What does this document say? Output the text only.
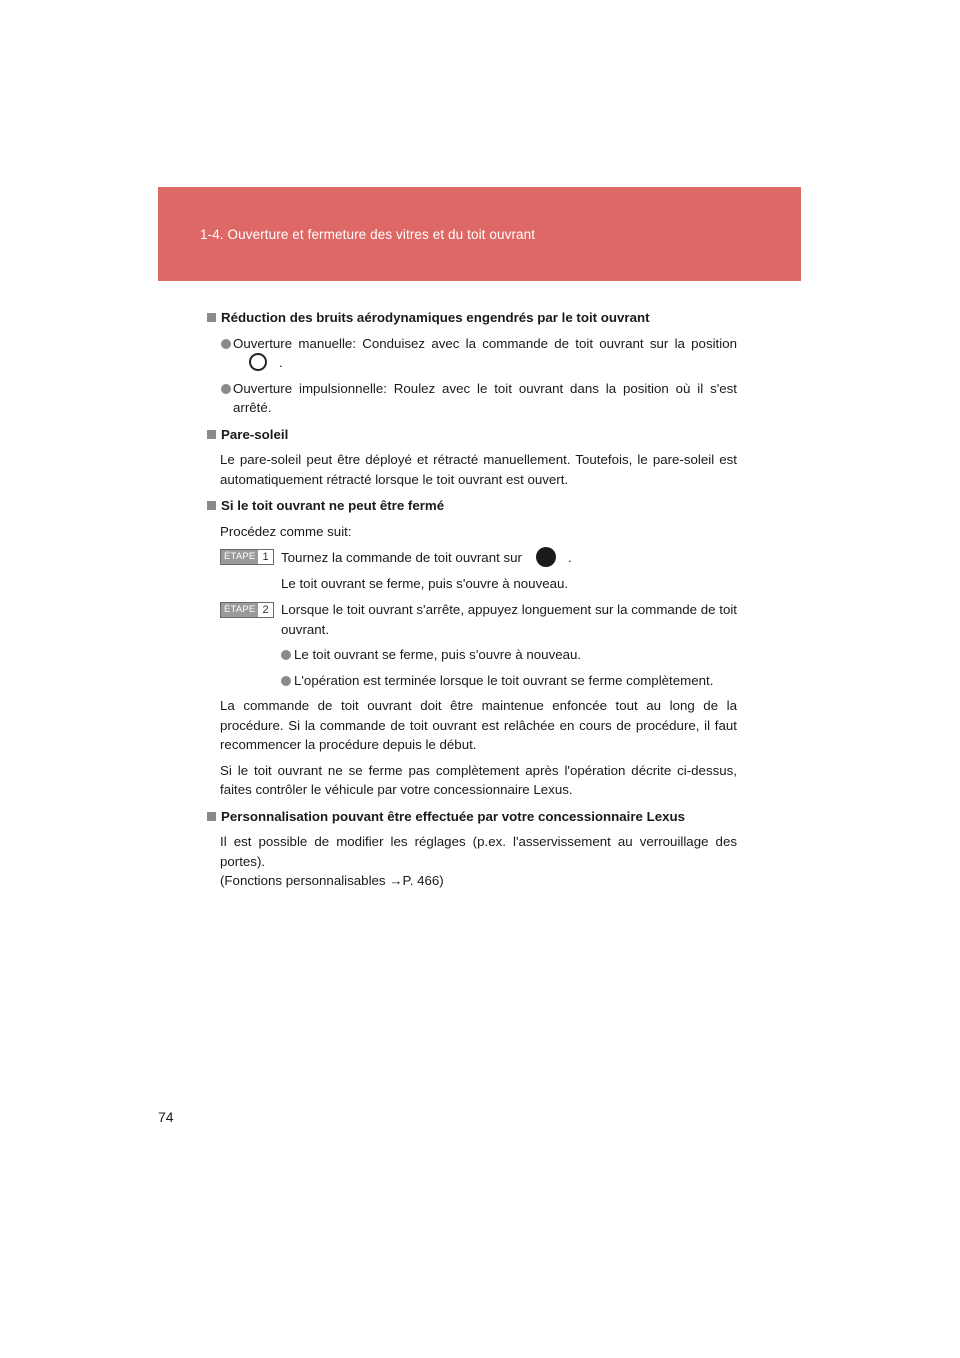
1-4. Ouverture et fermeture des vitres et du toit ouvrant
Réduction des bruits aérodynamiques engendrés par le toit ouvrant
Ouverture manuelle: Conduisez avec la commande de toit ouvrant sur la position.
Ouverture impulsionnelle: Roulez avec le toit ouvrant dans la position où il s'est arrêté.
Pare-soleil
Le pare-soleil peut être déployé et rétracté manuellement. Toutefois, le pare-soleil est automatiquement rétracté lorsque le toit ouvrant est ouvert.
Si le toit ouvrant ne peut être fermé
Procédez comme suit:
ÉTAPE 1 Tournez la commande de toit ouvrant sur	.
Le toit ouvrant se ferme, puis s'ouvre à nouveau.
ÉTAPE 2 Lorsque le toit ouvrant s'arrête, appuyez longuement sur la commande de toit ouvrant.
Le toit ouvrant se ferme, puis s'ouvre à nouveau.
L'opération est terminée lorsque le toit ouvrant se ferme complètement.
La commande de toit ouvrant doit être maintenue enfoncée tout au long de la procédure. Si la commande de toit ouvrant est relâchée en cours de procédure, il faut recommencer la procédure depuis le début.
Si le toit ouvrant ne se ferme pas complètement après l'opération décrite ci-dessus, faites contrôler le véhicule par votre concessionnaire Lexus.
Personnalisation pouvant être effectuée par votre concessionnaire Lexus
Il est possible de modifier les réglages (p.ex. l'asservissement au verrouillage des portes).
(Fonctions personnalisables →P. 466)
74
